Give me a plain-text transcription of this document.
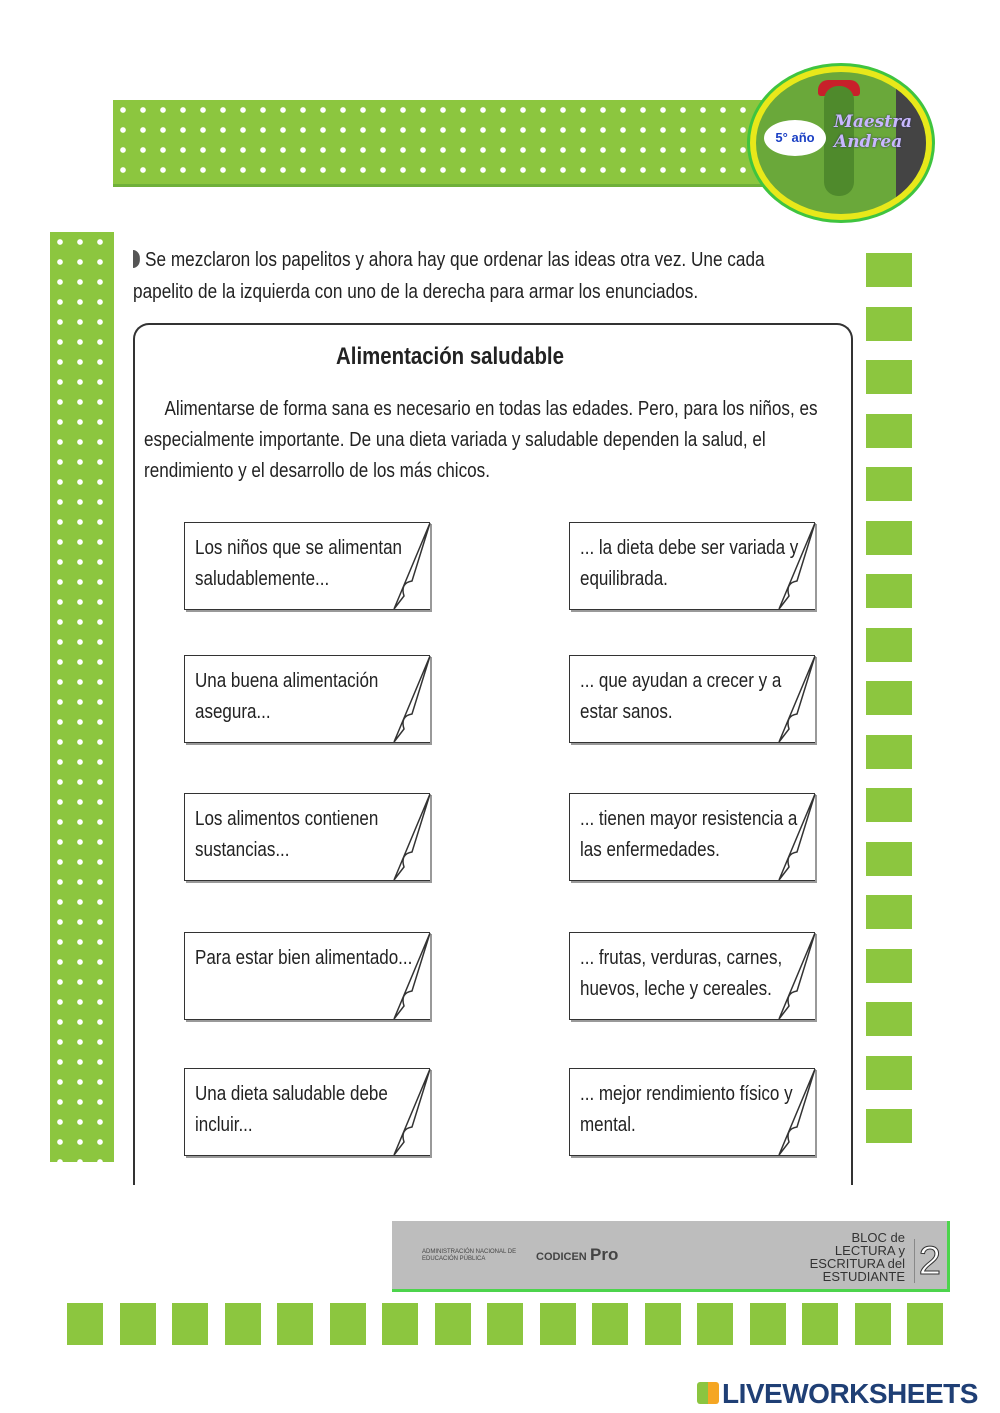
5° año
Maestra Andrea
Se mezclaron los papelitos y ahora hay que ordenar las ideas otra vez. Une cada papelito de la izquierda con uno de la derecha para armar los enunciados.
Alimentación saludable
Alimentarse de forma sana es necesario en todas las edades. Pero, para los niños, es especialmente importante. De una dieta variada y saludable dependen la salud, el rendimiento y el desarrollo de los más chicos.
Los niños que se alimentan saludablemente...
Una buena alimentación asegura...
Los alimentos contienen sustancias...
Para estar bien alimentado...
Una dieta saludable debe incluir...
... la dieta debe ser variada y equilibrada.
... que ayudan a crecer y a estar sanos.
... tienen mayor resistencia a las enfermedades.
... frutas, verduras, carnes, huevos, leche y cereales.
... mejor rendimiento físico y mental.
ADMINISTRACIÓN NACIONAL DE EDUCACIÓN PÚBLICA	CODICEN Pro
BLOC de
LECTURA y
ESCRITURA del
ESTUDIANTE 2
LIVEWORKSHEETS
